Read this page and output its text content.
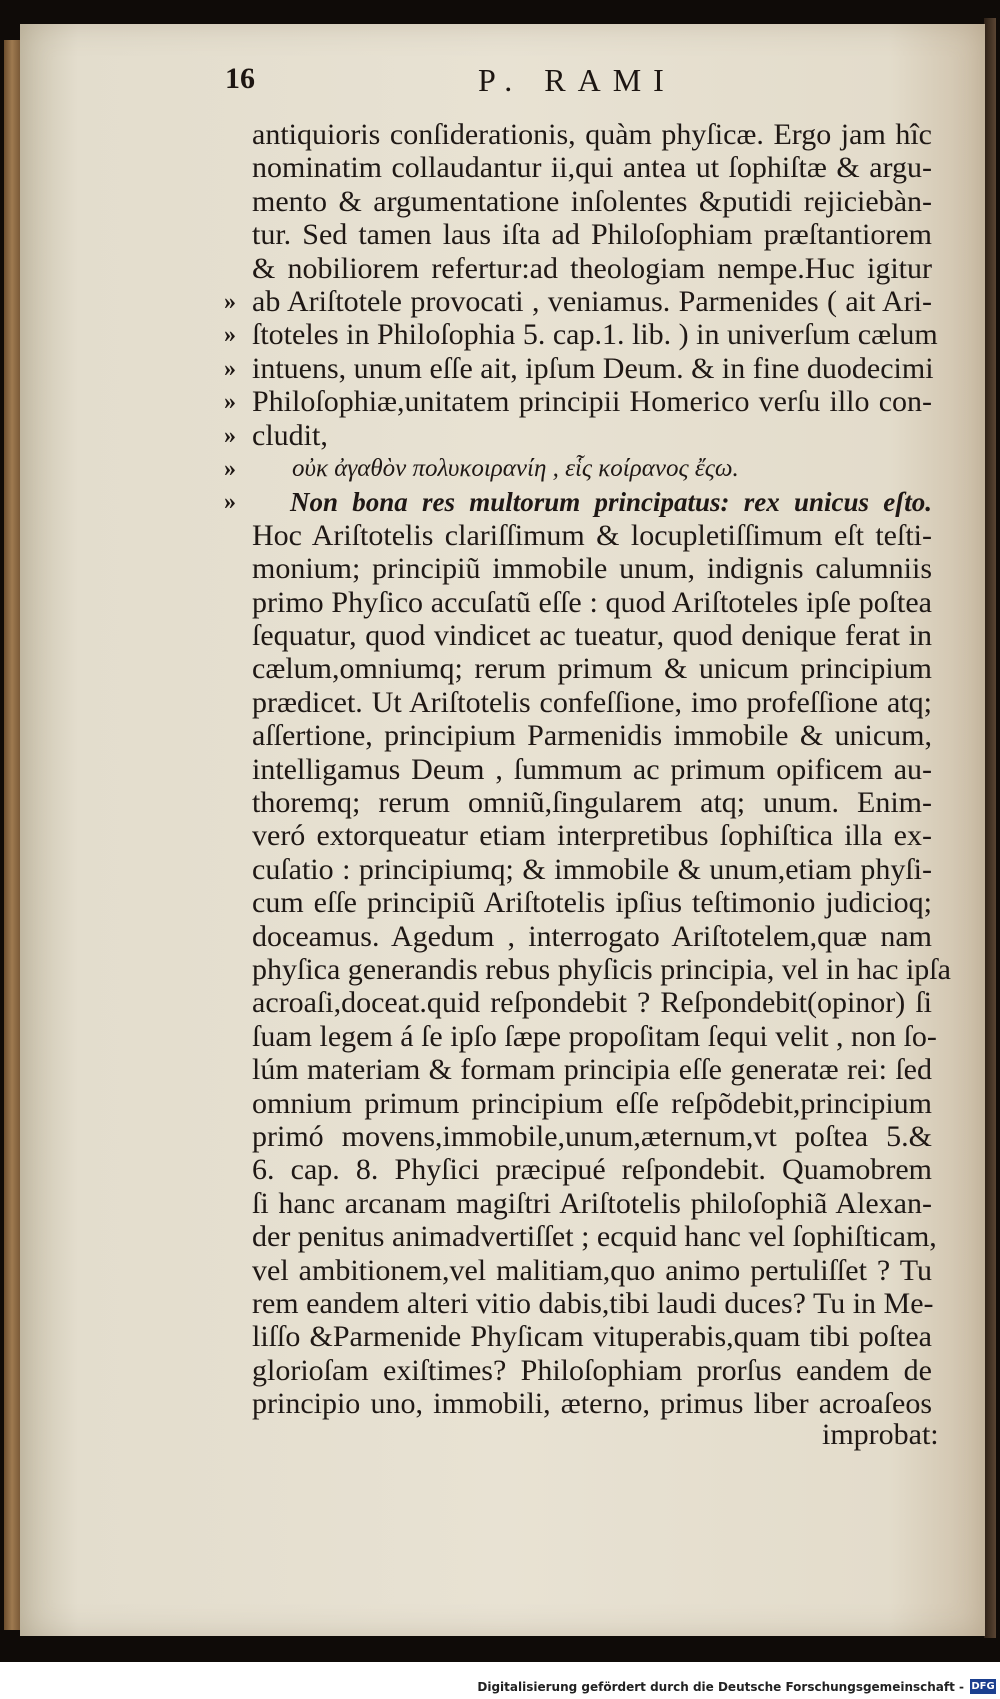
16	P. RAMI
antiquioris conſiderationis, quàm phyſicæ. Ergo jam hîc
nominatim collaudantur ii,qui antea ut ſophiſtæ & argu-
mento & argumentatione inſolentes &putidi rejiciebàn-
tur. Sed tamen laus iſta ad Philoſophiam præſtantiorem
& nobiliorem refertur:ad theologiam nempe.Huc igitur
» ab Ariſtotele provocati , veniamus. Parmenides ( ait Ari-
» ſtoteles in Philoſophia 5. cap.1. lib. ) in univerſum cælum
» intuens, unum eſſe ait, ipſum Deum. & in fine duodecimi
» Philoſophiæ,unitatem principii Homerico verſu illo con-
» cludit,
»	οὐκ ἀγαθὸν πολυκοιρανίη , εἷς κοίρανος ἔςω.
»	Non bona res multorum principatus: rex unicus eſto.
Hoc Ariſtotelis clariſſimum & locupletiſſimum eſt teſti-
monium; principiũ immobile unum, indignis calumniis
primo Phyſico accuſatũ eſſe : quod Ariſtoteles ipſe poſtea
ſequatur, quod vindicet ac tueatur, quod denique ferat in
cælum,omniumq; rerum primum & unicum principium
prædicet. Ut Ariſtotelis confeſſione, imo profeſſione atq;
aſſertione, principium Parmenidis immobile & unicum,
intelligamus Deum , ſummum ac primum opificem au-
thoremq; rerum omniũ,ſingularem atq; unum. Enim-
veró extorqueatur etiam interpretibus ſophiſtica illa ex-
cuſatio : principiumq; & immobile & unum,etiam phyſi-
cum eſſe principiũ Ariſtotelis ipſius teſtimonio judicioq;
doceamus. Agedum , interrogato Ariſtotelem,quæ nam
phyſica generandis rebus phyſicis principia, vel in hac ipſa
acroaſi,doceat.quid reſpondebit ? Reſpondebit(opinor) ſi
ſuam legem á ſe ipſo ſæpe propoſitam ſequi velit , non ſo-
lúm materiam & formam principia eſſe generatæ rei: ſed
omnium primum principium eſſe reſpõdebit,principium
primó movens,immobile,unum,æternum,vt poſtea 5.&
6. cap. 8. Phyſici præcipué reſpondebit. Quamobrem
ſi hanc arcanam magiſtri Ariſtotelis philoſophiã Alexan-
der penitus animadvertiſſet ; ecquid hanc vel ſophiſticam,
vel ambitionem,vel malitiam,quo animo pertuliſſet ? Tu
rem eandem alteri vitio dabis,tibi laudi duces? Tu in Me-
liſſo &Parmenide Phyſicam vituperabis,quam tibi poſtea
glorioſam exiſtimes? Philoſophiam prorſus eandem de
principio uno, immobili, æterno, primus liber acroaſeos
improbat:
Digitalisierung gefördert durch die Deutsche Forschungsgemeinschaft - DFG
